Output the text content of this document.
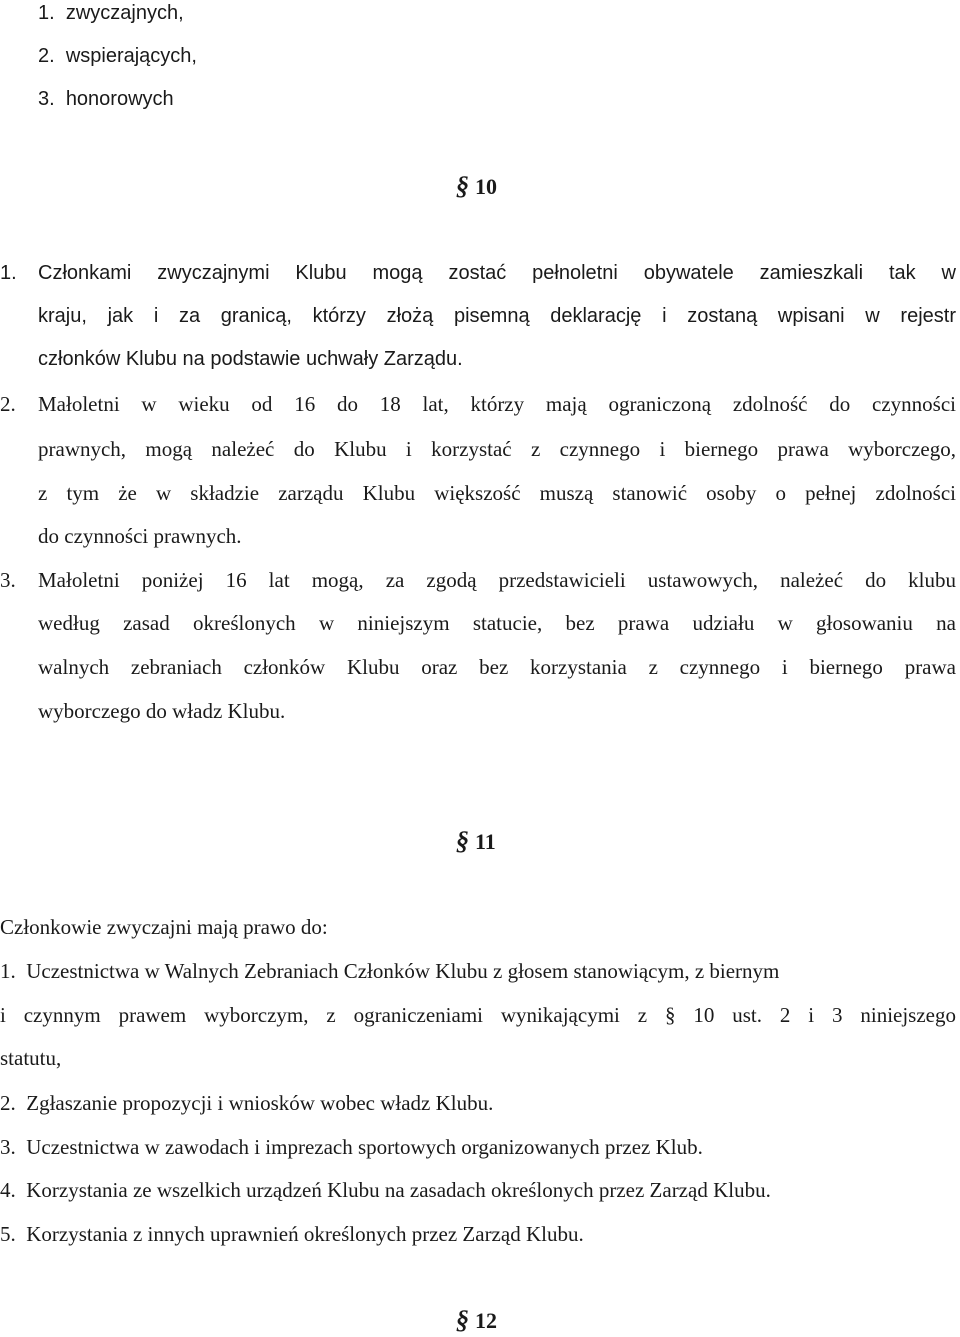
1. zwyczajnych,
2. wspierających,
3. honorowych
§ 10
1. Członkami zwyczajnymi Klubu mogą zostać pełnoletni obywatele zamieszkali tak w
kraju, jak i za granicą, którzy złożą pisemną deklarację i zostaną wpisani w rejestr
członków Klubu na podstawie uchwały Zarządu.
2. Małoletni w wieku od 16 do 18 lat, którzy mają ograniczoną zdolność do czynności
prawnych, mogą należeć do Klubu i korzystać z czynnego i biernego prawa wyborczego,
z tym że w składzie zarządu Klubu większość muszą stanowić osoby o pełnej zdolności
do czynności prawnych.
3. Małoletni poniżej 16 lat mogą, za zgodą przedstawicieli ustawowych, należeć do klubu
według zasad określonych w niniejszym statucie, bez prawa udziału w głosowaniu na
walnych zebraniach członków Klubu oraz bez korzystania z czynnego i biernego prawa
wyborczego do władz Klubu.
§ 11
Członkowie zwyczajni mają prawo do:
1. Uczestnictwa w Walnych Zebraniach Członków Klubu z głosem stanowiącym, z biernym
i czynnym prawem wyborczym, z ograniczeniami wynikającymi z § 10 ust. 2 i 3 niniejszego
statutu,
2. Zgłaszanie propozycji i wniosków wobec władz Klubu.
3. Uczestnictwa w zawodach i imprezach sportowych organizowanych przez Klub.
4. Korzystania ze wszelkich urządzeń Klubu na zasadach określonych przez Zarząd Klubu.
5. Korzystania z innych uprawnień określonych przez Zarząd Klubu.
§ 12
